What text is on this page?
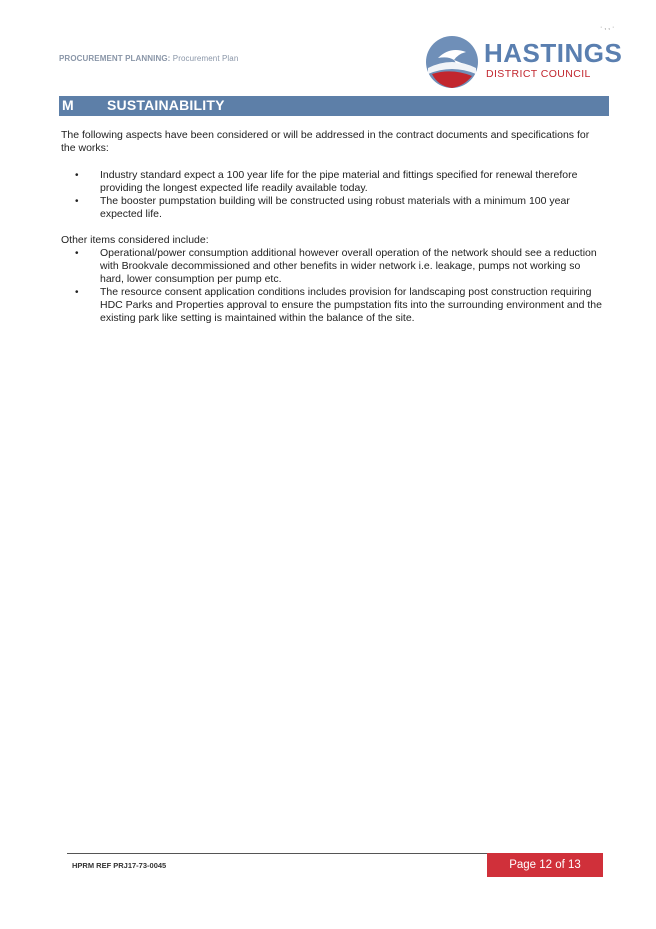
· , , ·
PROCUREMENT PLANNING: Procurement Plan	HASTINGS
DISTRICT COUNCIL
M SUSTAINABILITY

The following aspects have been considered or will be addressed in the contract documents and specifications for the works:

• Industry standard expect a 100 year life for the pipe material and fittings specified for renewal therefore providing the longest expected life readily available today.
• The booster pumpstation building will be constructed using robust materials with a minimum 100 year expected life.

Other items considered include:

• Operational/power consumption additional however overall operation of the network should see a reduction with Brookvale decommissioned and other benefits in wider network i.e. leakage, pumps not working so hard, lower consumption per pump etc.
• The resource consent application conditions includes provision for landscaping post construction requiring HDC Parks and Properties approval to ensure the pumpstation fits into the surrounding environment and the existing park like setting is maintained within the balance of the site.
HPRM REF PRJ17-73-0045	Page 12 of 13
